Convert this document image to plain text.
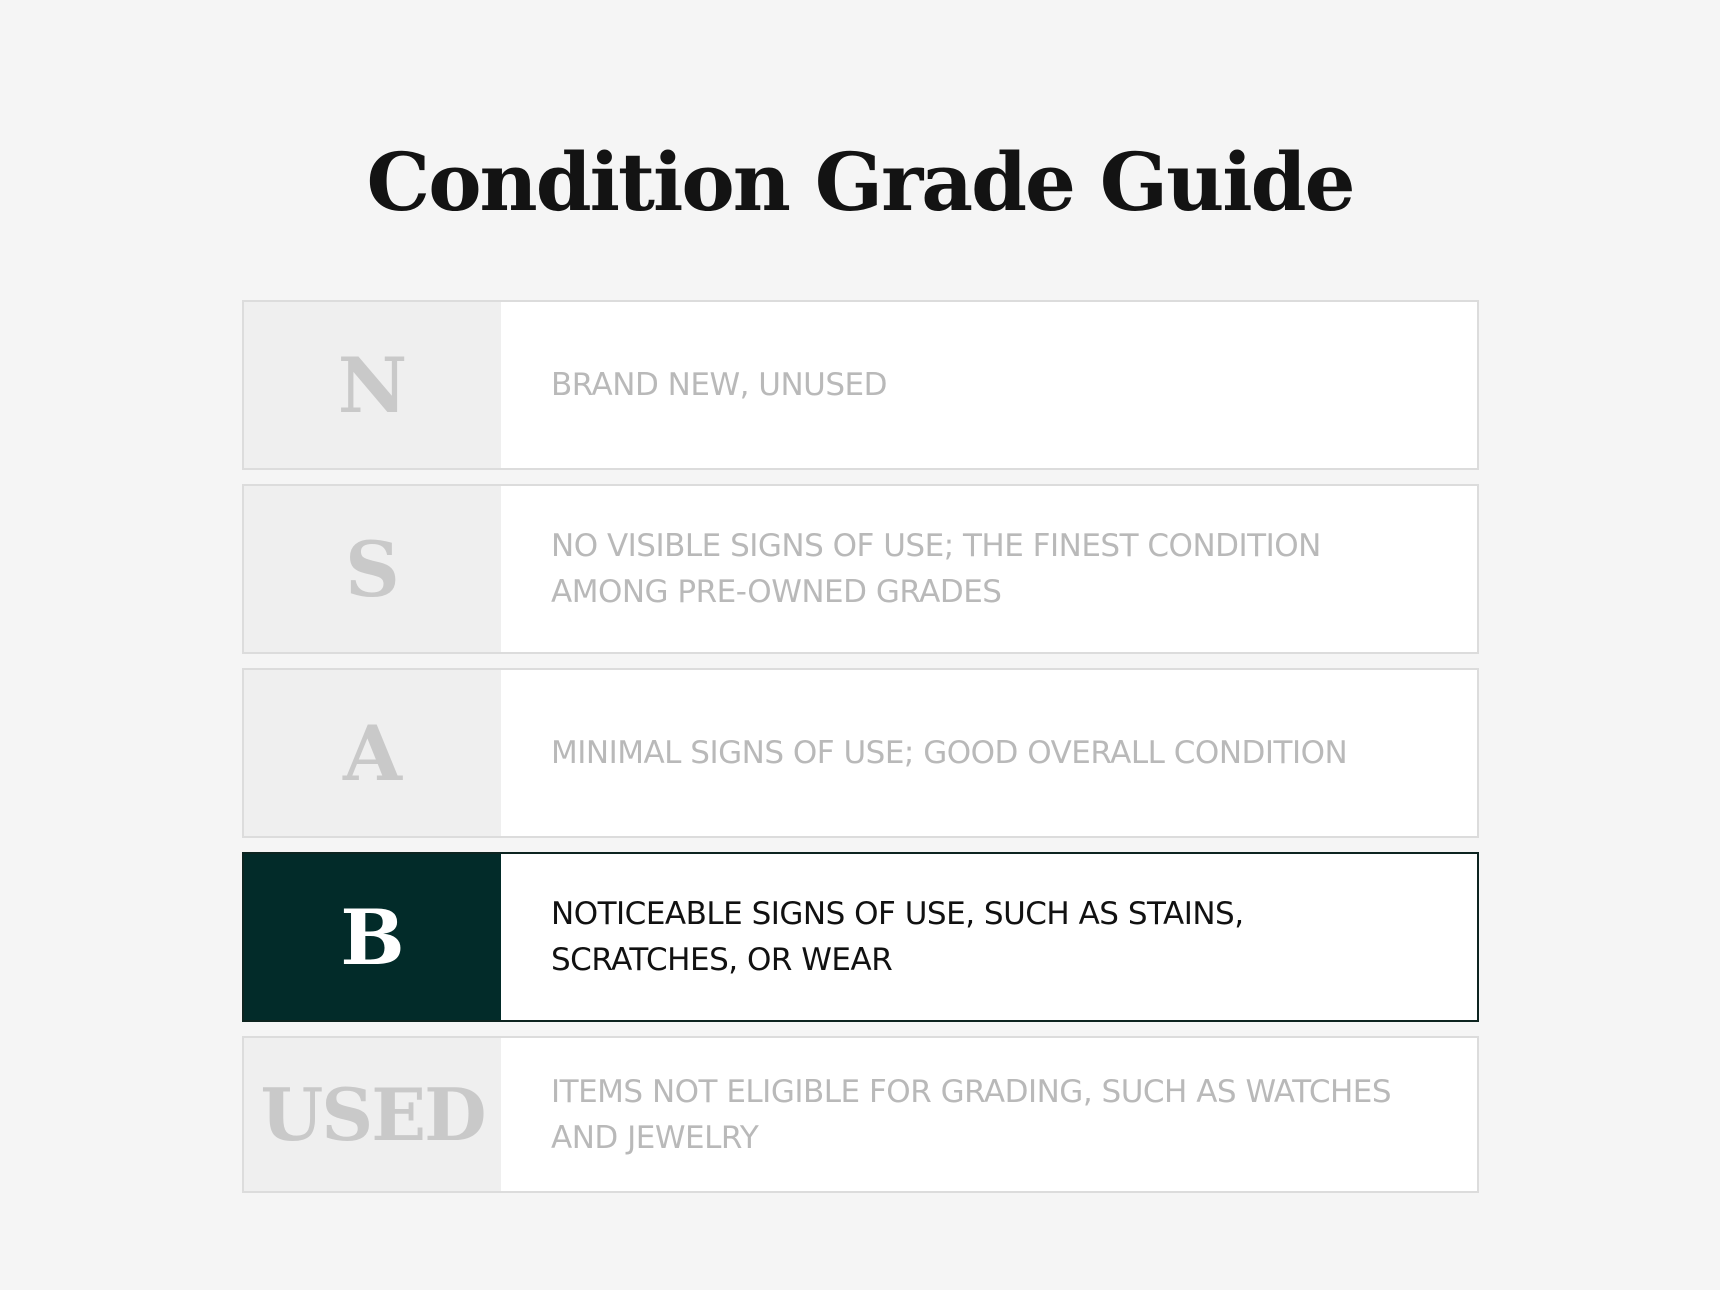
Condition Grade Guide
N	BRAND NEW, UNUSED
S	NO VISIBLE SIGNS OF USE; THE FINEST CONDITION AMONG PRE-OWNED GRADES
A	MINIMAL SIGNS OF USE; GOOD OVERALL CONDITION
B	NOTICEABLE SIGNS OF USE, SUCH AS STAINS, SCRATCHES, OR WEAR
USED	ITEMS NOT ELIGIBLE FOR GRADING, SUCH AS WATCHES AND JEWELRY
